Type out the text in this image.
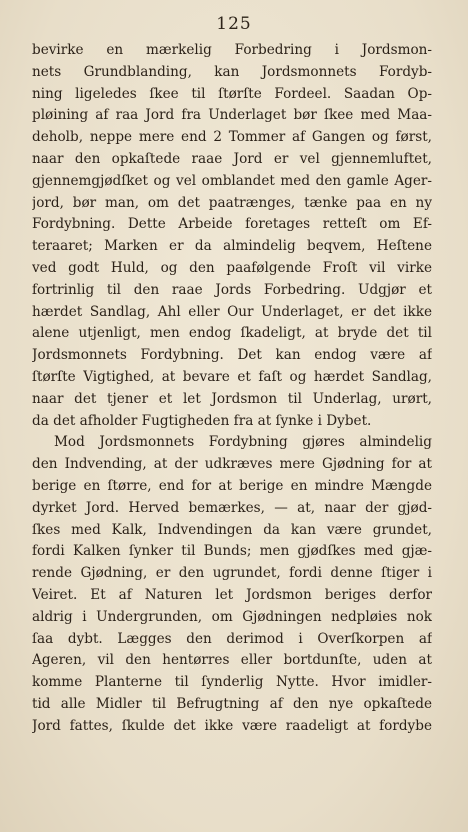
125
bevirke en mærkelig Forbedring i Jordsmon-
nets Grundblanding, kan Jordsmonnets Fordyb-
ning ligeledes ſkee til ſtørſte Fordeel. Saadan Op-
pløining af raa Jord fra Underlaget bør ſkee med Maa-
deholb, neppe mere end 2 Tommer af Gangen og først,
naar den opkaſtede raae Jord er vel gjennemluftet,
gjennemgjødſket og vel omblandet med den gamle Ager-
jord, bør man, om det paatrænges, tænke paa en ny
Fordybning. Dette Arbeide foretages retteſt om Ef-
teraaret; Marken er da almindelig beqvem, Heſtene
ved godt Huld, og den paafølgende Froſt vil virke
fortrinlig til den raae Jords Forbedring. Udgjør et
hærdet Sandlag, Ahl eller Our Underlaget, er det ikke
alene utjenligt, men endog ſkadeligt, at bryde det til
Jordsmonnets Fordybning. Det kan endog være af
ſtørſte Vigtighed, at bevare et faſt og hærdet Sandlag,
naar det tjener et let Jordsmon til Underlag, urørt,
da det afholder Fugtigheden fra at ſynke i Dybet.
Mod Jordsmonnets Fordybning gjøres almindelig
den Indvending, at der udkræves mere Gjødning for at
berige en ſtørre, end for at berige en mindre Mængde
dyrket Jord. Herved bemærkes, — at, naar der gjød-
ſkes med Kalk, Indvendingen da kan være grundet,
fordi Kalken ſynker til Bunds; men gjødſkes med gjæ-
rende Gjødning, er den ugrundet, fordi denne ſtiger i
Veiret. Et af Naturen let Jordsmon beriges derfor
aldrig i Undergrunden, om Gjødningen nedpløies nok
ſaa dybt. Lægges den derimod i Overſkorpen af
Ageren, vil den hentørres eller bortdunſte, uden at
komme Planterne til ſynderlig Nytte. Hvor imidler-
tid alle Midler til Befrugtning af den nye opkaſtede
Jord fattes, ſkulde det ikke være raadeligt at fordybe
